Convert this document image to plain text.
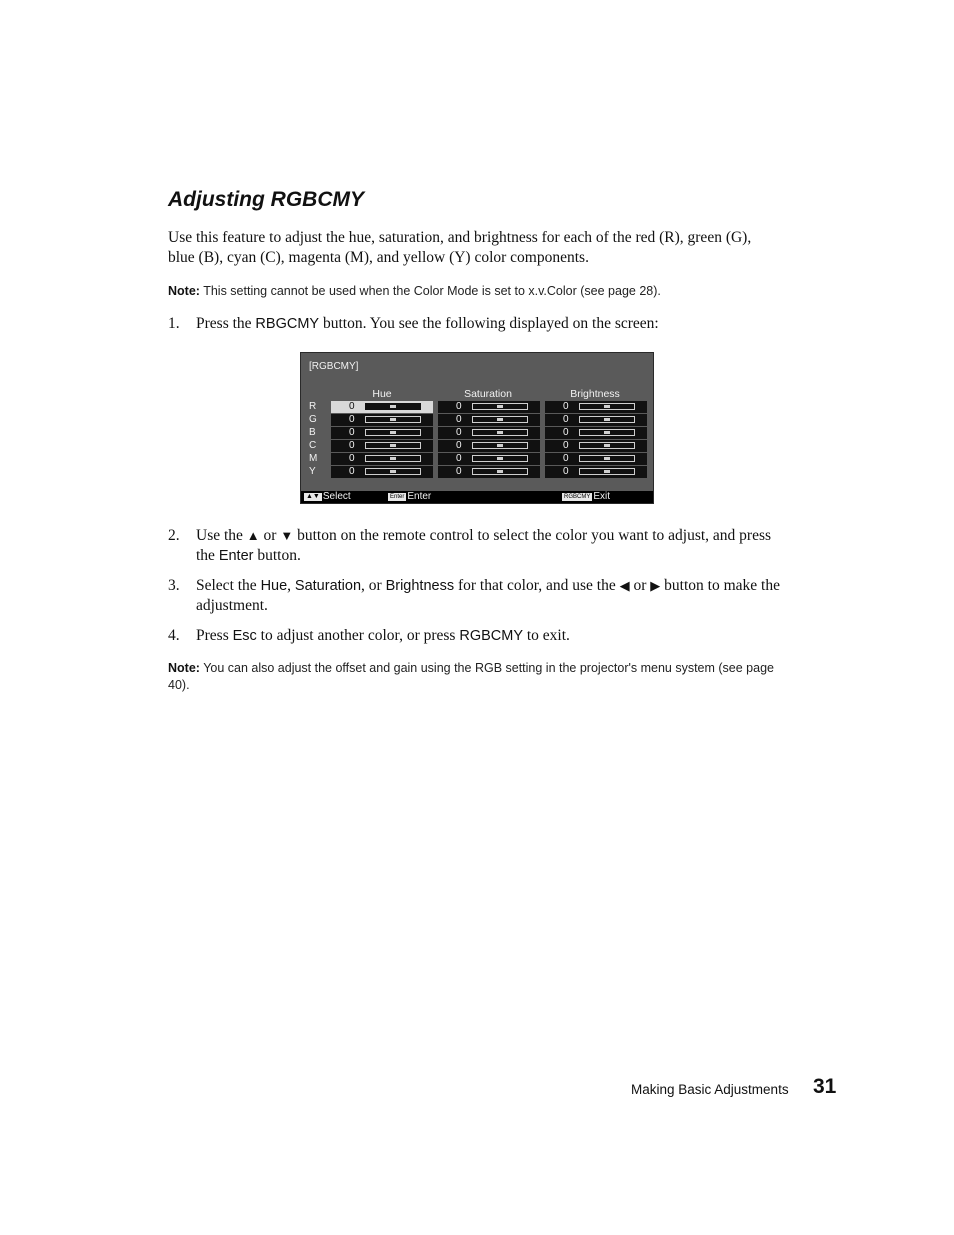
Adjusting RGBCMY
Use this feature to adjust the hue, saturation, and brightness for each of the red (R), green (G), blue (B), cyan (C), magenta (M), and yellow (Y) color components.
Note: This setting cannot be used when the Color Mode is set to x.v.Color (see page 28).
1. Press the RBGCMY button. You see the following displayed on the screen:
[RGBCMY]
Hue	Saturation	Brightness
R	0	0	0
G	0	0	0
B	0	0	0
C	0	0	0
M	0	0	0
Y	0	0	0
▲▼ Select	Enter Enter	RGBCMY Exit
2. Use the ▲ or ▼ button on the remote control to select the color you want to adjust, and press the Enter button.
3. Select the Hue, Saturation, or Brightness for that color, and use the ◀ or ▶ button to make the adjustment.
4. Press Esc to adjust another color, or press RGBCMY to exit.
Note: You can also adjust the offset and gain using the RGB setting in the projector's menu system (see page 40).
Making Basic Adjustments 31
